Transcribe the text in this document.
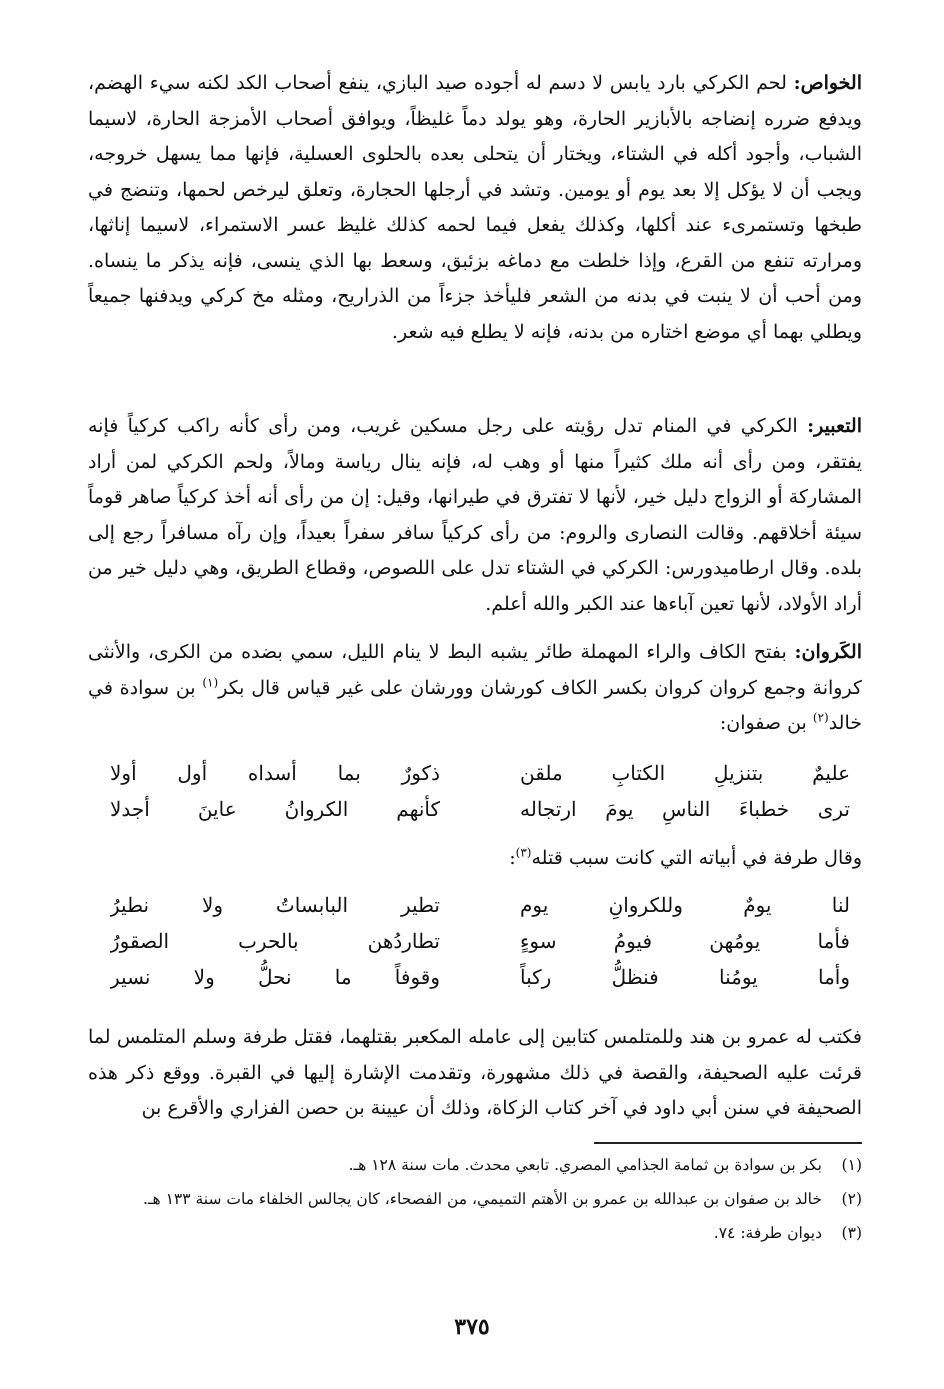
الخواص: لحم الكركي بارد يابس لا دسم له أجوده صيد البازي، ينفع أصحاب الكد لكنه سيء الهضم، ويدفع ضرره إنضاجه بالأبازير الحارة، وهو يولد دماً غليظاً، ويوافق أصحاب الأمزجة الحارة، لاسيما الشباب، وأجود أكله في الشتاء، ويختار أن يتحلى بعده بالحلوى العسلية، فإنها مما يسهل خروجه، ويجب أن لا يؤكل إلا بعد يوم أو يومين. وتشد في أرجلها الحجارة، وتعلق ليرخص لحمها، وتنضج في طبخها وتستمرىء عند أكلها، وكذلك يفعل فيما لحمه كذلك غليظ عسر الاستمراء، لاسيما إناثها، ومرارته تنفع من القرع، وإذا خلطت مع دماغه بزئبق، وسعط بها الذي ينسى، فإنه يذكر ما ينساه. ومن أحب أن لا ينبت في بدنه من الشعر فليأخذ جزءاً من الذراريح، ومثله مخ كركي ويدفنها جميعاً ويطلي بهما أي موضع اختاره من بدنه، فإنه لا يطلع فيه شعر.
التعبير: الكركي في المنام تدل رؤيته على رجل مسكين غريب، ومن رأى كأنه راكب كركياً فإنه يفتقر، ومن رأى أنه ملك كثيراً منها أو وهب له، فإنه ينال رياسة ومالاً، ولحم الكركي لمن أراد المشاركة أو الزواج دليل خير، لأنها لا تفترق في طيرانها، وقيل: إن من رأى أنه أخذ كركياً صاهر قوماً سيئة أخلاقهم. وقالت النصارى والروم: من رأى كركياً سافر سفراً بعيداً، وإن رآه مسافراً رجع إلى بلده. وقال ارطاميدورس: الكركي في الشتاء تدل على اللصوص، وقطاع الطريق، وهي دليل خير من أراد الأولاد، لأنها تعين آباءها عند الكبر والله أعلم.
الكَروان: بفتح الكاف والراء المهملة طائر يشبه البط لا ينام الليل، سمي بضده من الكرى، والأنثى كروانة وجمع كروان كروان بكسر الكاف كورشان وورشان على غير قياس قال بكر$^{(١)}$ بن سوادة في خالد$^{(٢)}$ بن صفوان:
عليمٌ بتنزيلِ الكتابِ ملقن
ذكورٌ بما أسداه أول أولا
ترى خطباءَ الناسِ يومَ ارتجاله
كأنهم الكروانُ عاينَ أجدلا
وقال طرفة في أبياته التي كانت سبب قتله$^{(٣)}$:
لنا يومٌ وللكروانِ يوم
تطير البابساتُ ولا نطيرُ
فأما يومُهن فيومُ سوءٍ
تطاردُهن بالحرب الصقورُ
وأما يومُنا فنظلُّ ركباً
وقوفاً ما نحلُّ ولا نسير
فكتب له عمرو بن هند وللمتلمس كتابين إلى عامله المكعبر بقتلهما، فقتل طرفة وسلم المتلمس لما قرئت عليه الصحيفة، والقصة في ذلك مشهورة، وتقدمت الإشارة إليها في القبرة. ووقع ذكر هذه الصحيفة في سنن أبي داود في آخر كتاب الزكاة، وذلك أن عيينة بن حصن الفزاري والأقرع بن
(١)
بكر بن سوادة بن ثمامة الجذامي المصري. تابعي محدث. مات سنة ١٢٨ هـ.
(٢)
خالد بن صفوان بن عبدالله بن عمرو بن الأهتم التميمي، من الفصحاء، كان يجالس الخلفاء مات سنة ١٣٣ هـ.
(٣)
ديوان طرفة: ٧٤.
٣٧٥
